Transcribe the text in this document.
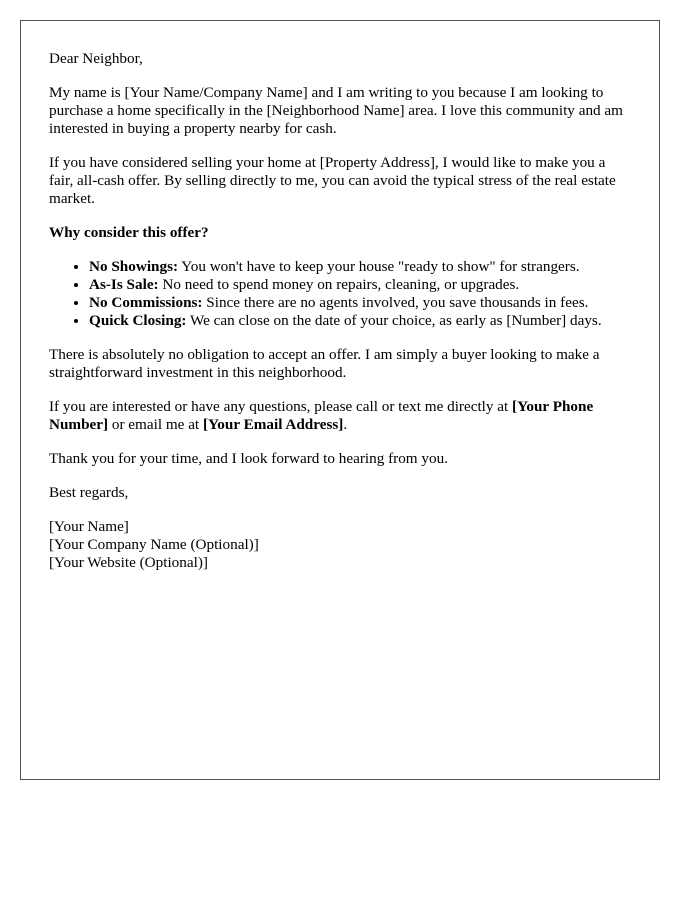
Dear Neighbor,

My name is [Your Name/Company Name] and I am writing to you because I am looking to purchase a home specifically in the [Neighborhood Name] area. I love this community and am interested in buying a property nearby for cash.

If you have considered selling your home at [Property Address], I would like to make you a fair, all-cash offer. By selling directly to me, you can avoid the typical stress of the real estate market.

Why consider this offer?

• No Showings: You won't have to keep your house "ready to show" for strangers.
• As-Is Sale: No need to spend money on repairs, cleaning, or upgrades.
• No Commissions: Since there are no agents involved, you save thousands in fees.
• Quick Closing: We can close on the date of your choice, as early as [Number] days.

There is absolutely no obligation to accept an offer. I am simply a buyer looking to make a straightforward investment in this neighborhood.

If you are interested or have any questions, please call or text me directly at [Your Phone Number] or email me at [Your Email Address].

Thank you for your time, and I look forward to hearing from you.

Best regards,

[Your Name]
[Your Company Name (Optional)]
[Your Website (Optional)]
